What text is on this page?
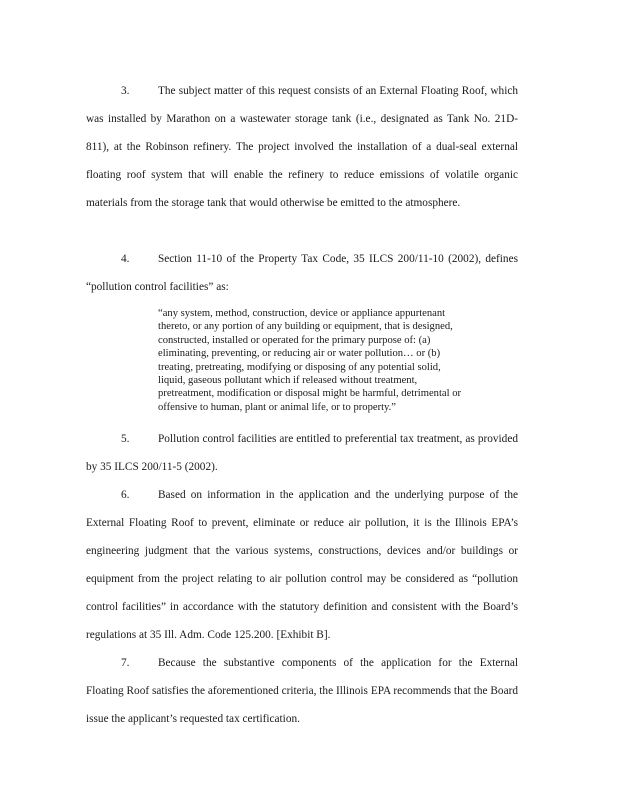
3.	The subject matter of this request consists of an External Floating Roof, which was installed by Marathon on a wastewater storage tank (i.e., designated as Tank No. 21D-811), at the Robinson refinery. The project involved the installation of a dual-seal external floating roof system that will enable the refinery to reduce emissions of volatile organic materials from the storage tank that would otherwise be emitted to the atmosphere.

4.	Section 11-10 of the Property Tax Code, 35 ILCS 200/11-10 (2002), defines “pollution control facilities” as:

“any system, method, construction, device or appliance appurtenant thereto, or any portion of any building or equipment, that is designed, constructed, installed or operated for the primary purpose of: (a) eliminating, preventing, or reducing air or water pollution… or (b) treating, pretreating, modifying or disposing of any potential solid, liquid, gaseous pollutant which if released without treatment, pretreatment, modification or disposal might be harmful, detrimental or offensive to human, plant or animal life, or to property.”

5.	Pollution control facilities are entitled to preferential tax treatment, as provided by 35 ILCS 200/11-5 (2002).

6.	Based on information in the application and the underlying purpose of the External Floating Roof to prevent, eliminate or reduce air pollution, it is the Illinois EPA’s engineering judgment that the various systems, constructions, devices and/or buildings or equipment from the project relating to air pollution control may be considered as “pollution control facilities” in accordance with the statutory definition and consistent with the Board’s regulations at 35 Ill. Adm. Code 125.200. [Exhibit B].

7.	Because the substantive components of the application for the External Floating Roof satisfies the aforementioned criteria, the Illinois EPA recommends that the Board issue the applicant’s requested tax certification.
